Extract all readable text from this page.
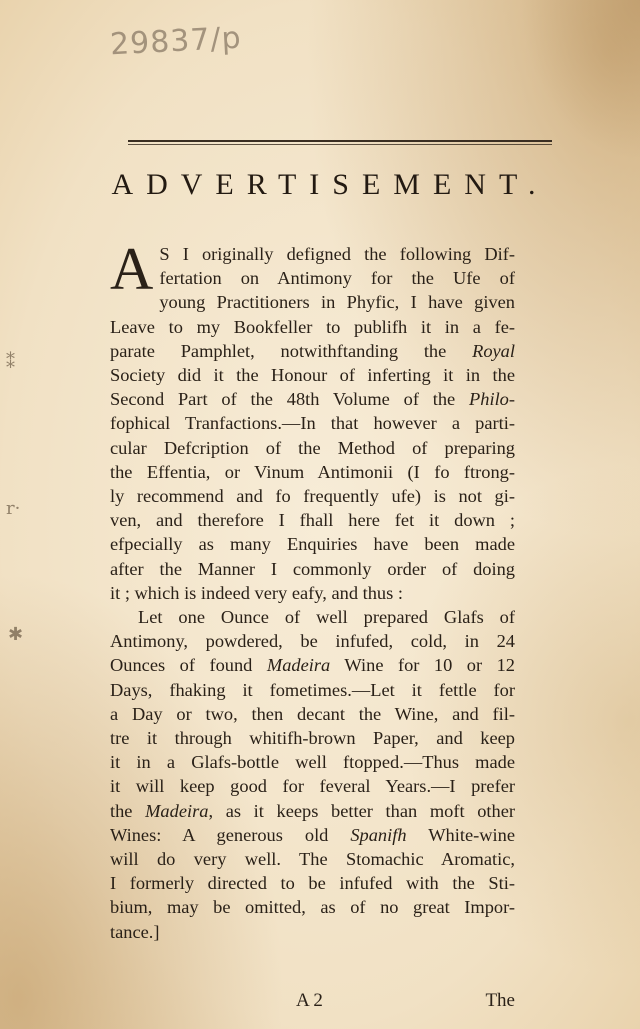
29837/p
ADVERTISEMENT.
⁑
r·
✱
A S I originally defigned the following Dif-
fertation on Antimony for the Ufe of
young Practitioners in Phyfic, I have given
Leave to my Bookfeller to publifh it in a fe-
parate Pamphlet, notwithftanding the Royal
Society did it the Honour of inferting it in the
Second Part of the 48th Volume of the Philo-
fophical Tranfactions.—In that however a parti-
cular Defcription of the Method of preparing
the Effentia, or Vinum Antimonii (I fo ftrong-
ly recommend and fo frequently ufe) is not gi-
ven, and therefore I fhall here fet it down ;
efpecially as many Enquiries have been made
after the Manner I commonly order of doing
it ; which is indeed very eafy, and thus :
Let one Ounce of well prepared Glafs of
Antimony, powdered, be infufed, cold, in 24
Ounces of found Madeira Wine for 10 or 12
Days, fhaking it fometimes.—Let it fettle for
a Day or two, then decant the Wine, and fil-
tre it through whitifh-brown Paper, and keep
it in a Glafs-bottle well ftopped.—Thus made
it will keep good for feveral Years.—I prefer
the Madeira, as it keeps better than moft other
Wines: A generous old Spanifh White-wine
will do very well. The Stomachic Aromatic,
I formerly directed to be infufed with the Sti-
bium, may be omitted, as of no great Impor-
tance.]
A 2	The
